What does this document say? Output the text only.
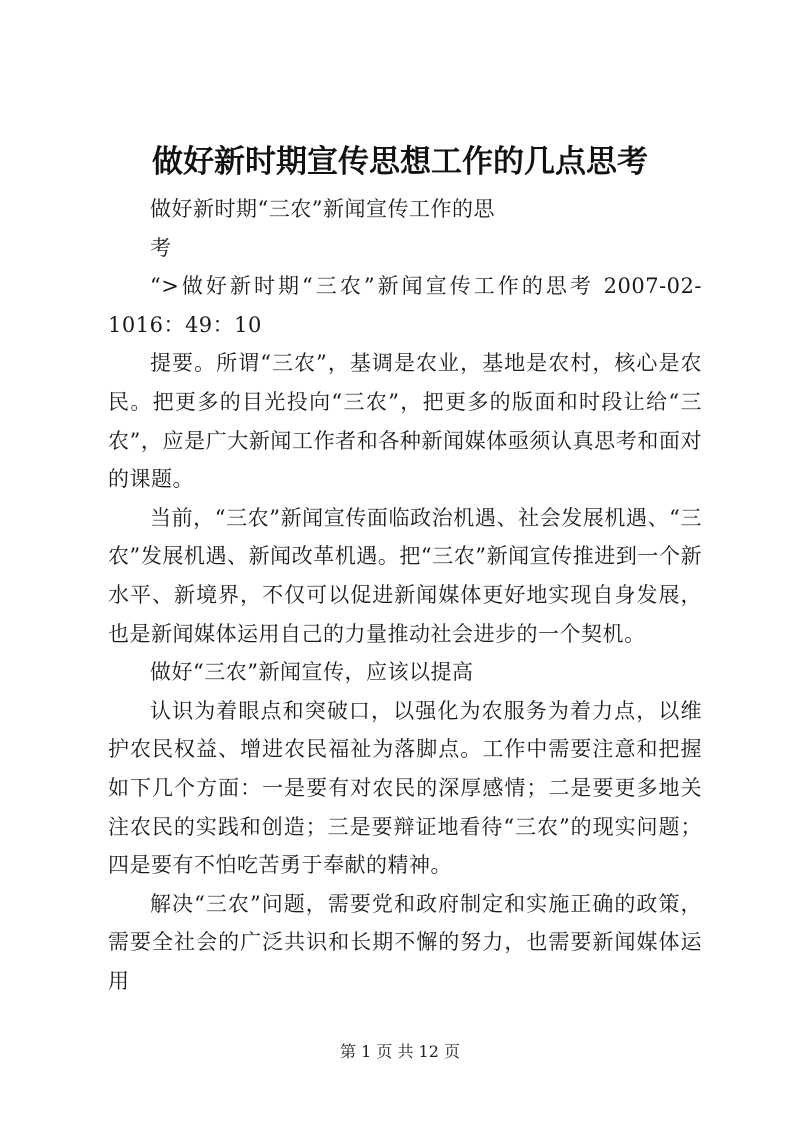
做好新时期宣传思想工作的几点思考

做好新时期“三农”新闻宣传工作的思

考

“>做好新时期“三农”新闻宣传工作的思考 2007-02-1016：49：10

提要。所谓“三农”，基调是农业，基地是农村，核心是农民。把更多的目光投向“三农”，把更多的版面和时段让给“三农”，应是广大新闻工作者和各种新闻媒体亟须认真思考和面对的课题。

当前，“三农”新闻宣传面临政治机遇、社会发展机遇、“三农”发展机遇、新闻改革机遇。把“三农”新闻宣传推进到一个新水平、新境界，不仅可以促进新闻媒体更好地实现自身发展，也是新闻媒体运用自己的力量推动社会进步的一个契机。

做好“三农”新闻宣传，应该以提高

认识为着眼点和突破口，以强化为农服务为着力点，以维护农民权益、增进农民福祉为落脚点。工作中需要注意和把握如下几个方面：一是要有对农民的深厚感情；二是要更多地关注农民的实践和创造；三是要辩证地看待“三农”的现实问题；四是要有不怕吃苦勇于奉献的精神。

解决“三农”问题，需要党和政府制定和实施正确的政策，需要全社会的广泛共识和长期不懈的努力，也需要新闻媒体运用

第 1 页 共 12 页
